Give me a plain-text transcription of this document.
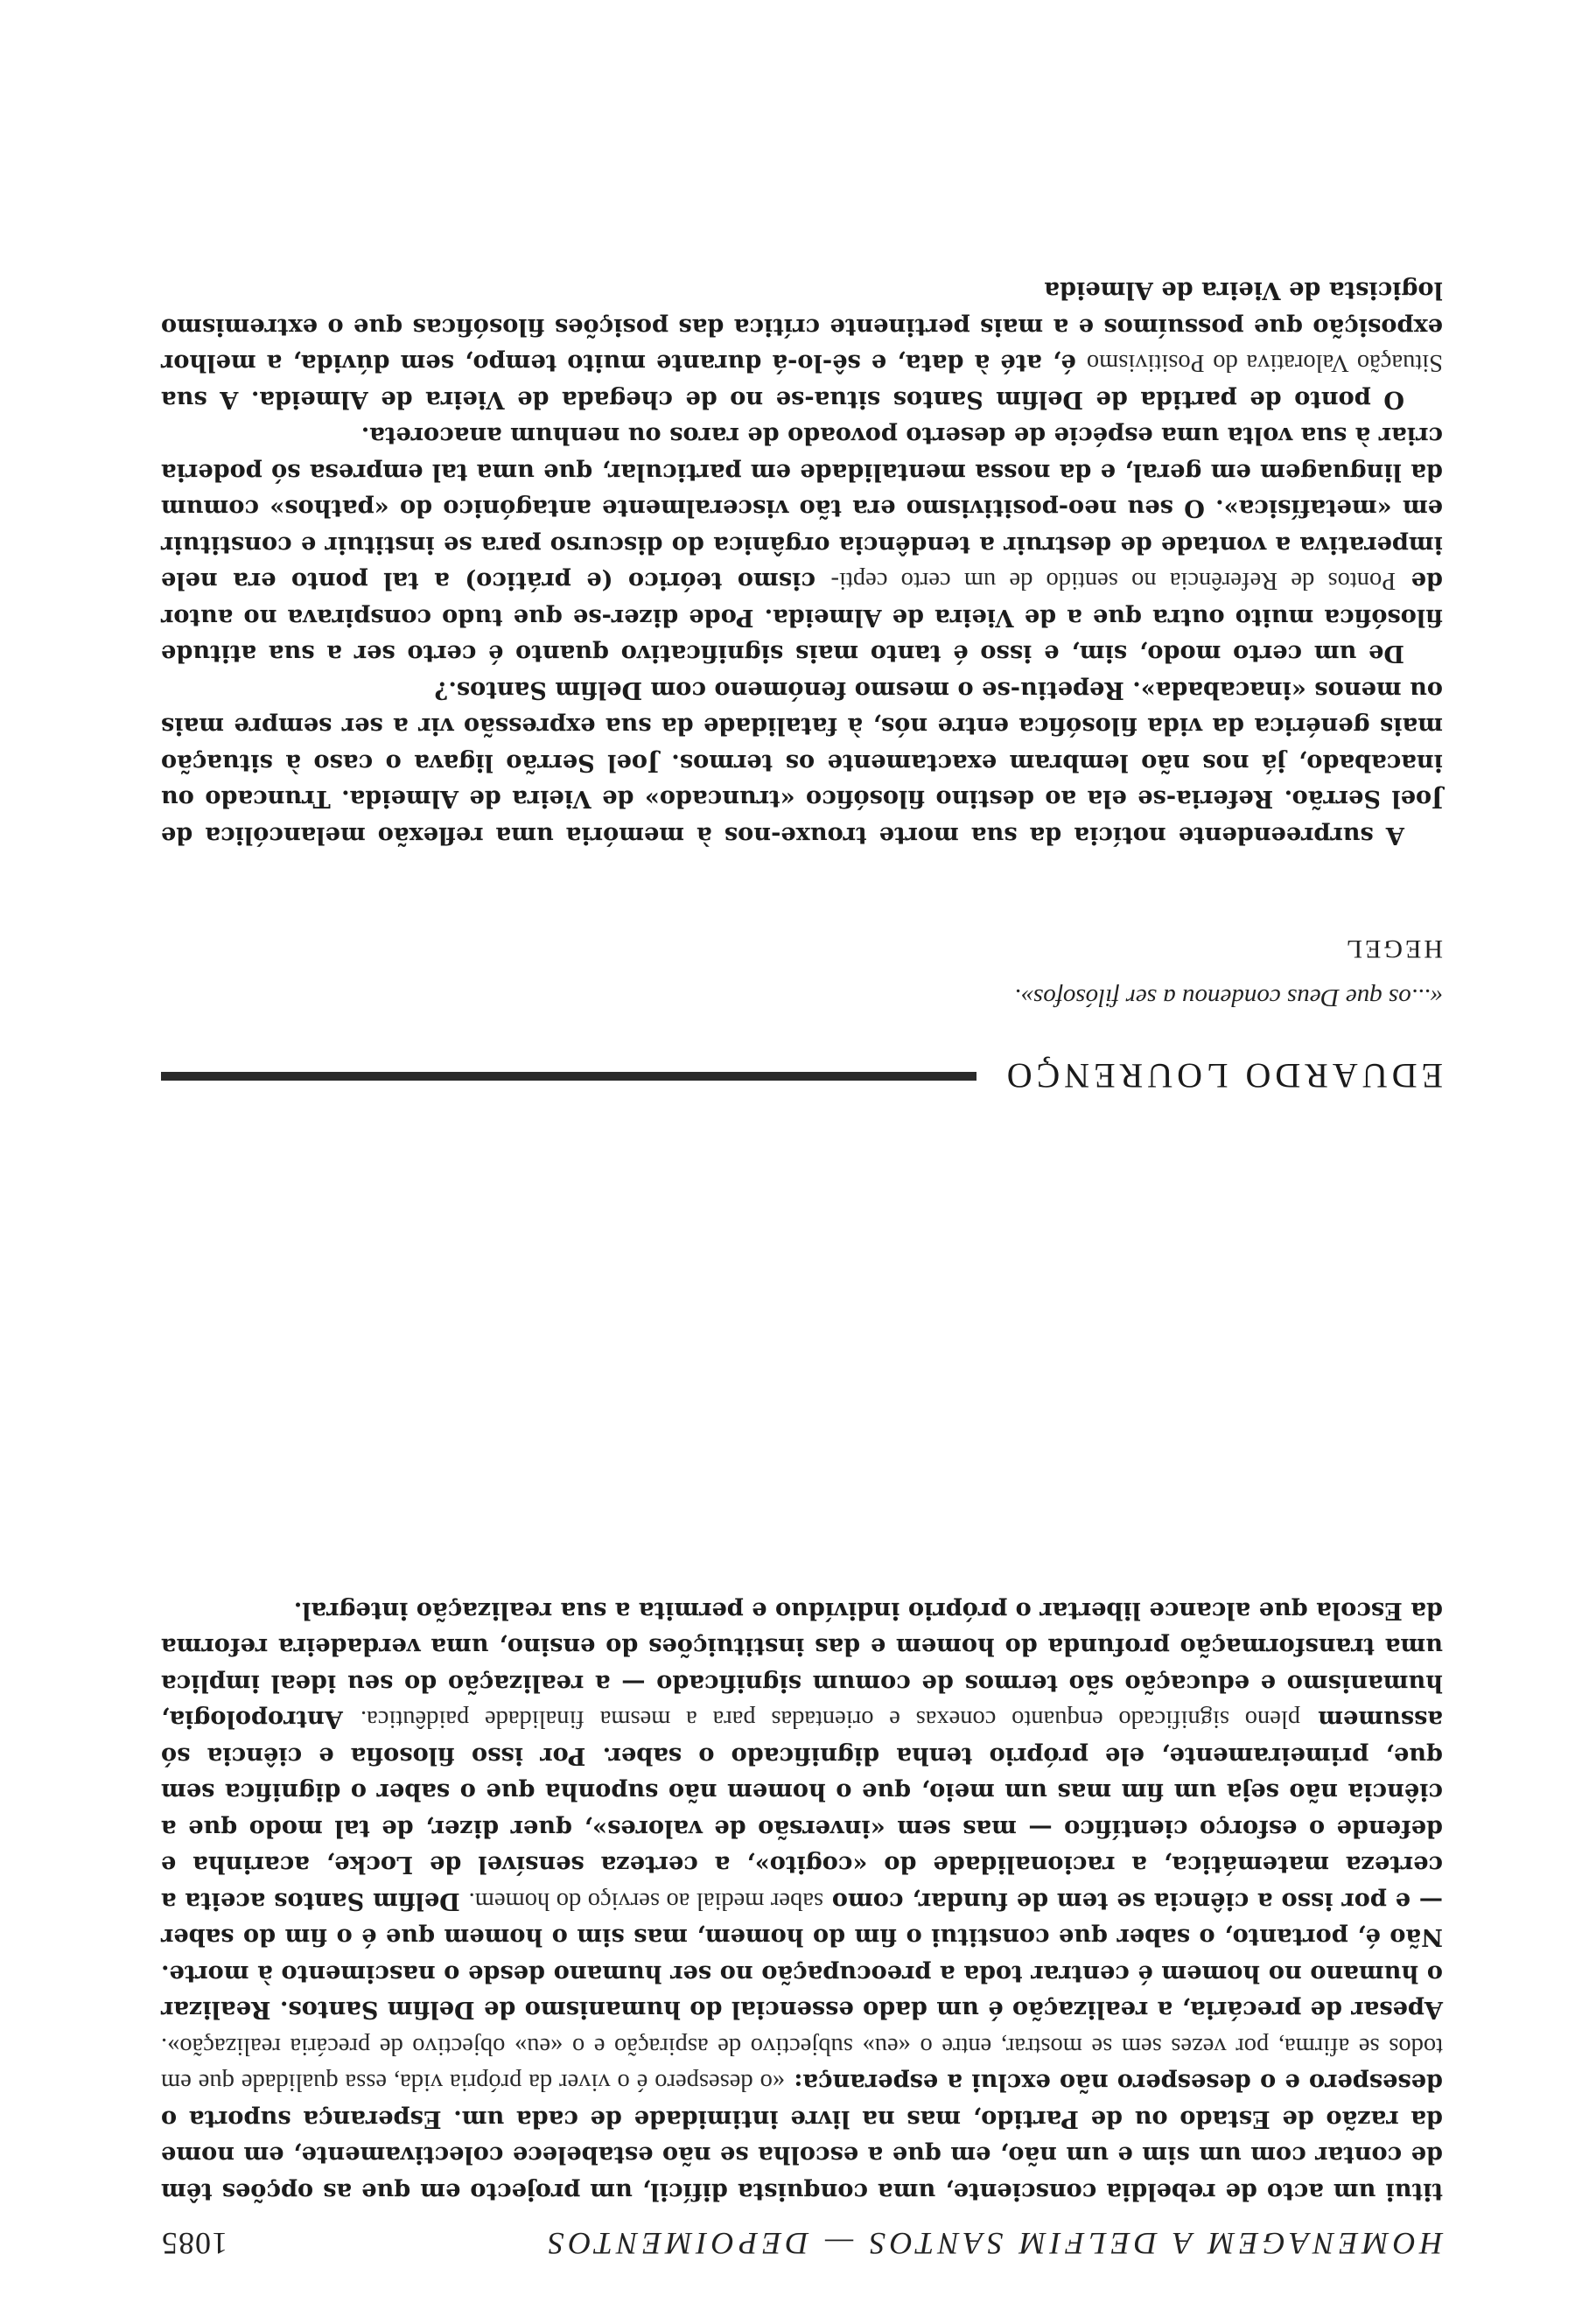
HOMENAGEM A DELFIM SANTOS — DEPOIMENTOS
1085

titui um acto de rebeldia consciente, uma conquista difícil, um projecto em que as opções têm de contar com um sim e um não, em que a escolha se não estabelece colectivamente, em nome da razão de Estado ou de Partido, mas na livre intimidade de cada um. Esperança suporta o desespero e o desespero não exclui a esperança: «o desespero é o viver da própria vida, essa qualidade que em todos se afirma, por vezes sem se mostrar, entre o «eu» subjectivo de aspiração e o «eu» objectivo de precária realização». Apesar de precária, a realização é um dado essencial do humanismo de Delfim Santos. Realizar o humano no homem é centrar toda a preocupação no ser humano desde o nascimento à morte. Não é, portanto, o saber que constitui o fim do homem, mas sim o homem que é o fim do saber — e por isso a ciência se tem de fundar, como saber medial ao serviço do homem. Delfim Santos aceita a certeza matemática, a racionalidade do «cogito», a certeza sensível de Locke, acarinha e defende o esforço científico — mas sem «inversão de valores», quer dizer, de tal modo que a ciência não seja um fim mas um meio, que o homem não suponha que o saber o dignifica sem que, primeiramente, ele próprio tenha dignificado o saber. Por isso filosofia e ciência só assumem pleno significado enquanto conexas e orientadas para a mesma finalidade paidêutica. Antropologia, humanismo e educação são termos de comum significado — a realização do seu ideal implica uma transformação profunda do homem e das instituições do ensino, uma verdadeira reforma da Escola que alcance libertar o próprio indivíduo e permita a sua realização integral.

EDUARDO LOURENÇO
«...os que Deus condenou a ser filósofos».
HEGEL

A surpreendente notícia da sua morte trouxe-nos à memória uma reflexão melancólica de Joel Serrão. Referia-se ela ao destino filosófico «truncado» de Vieira de Almeida. Truncado ou inacabado, já nos não lembram exactamente os termos. Joel Serrão ligava o caso à situação mais genérica da vida filosófica entre nós, à fatalidade da sua expressão vir a ser sempre mais ou menos «inacabada». Repetiu-se o mesmo fenómeno com Delfim Santos.?

De um certo modo, sim, e isso é tanto mais significativo quanto é certo ser a sua atitude filosófica muito outra que a de Vieira de Almeida. Pode dizer-se que tudo conspirava no autor de Pontos de Referência no sentido de um certo cepti- cismo teórico (e prático) a tal ponto era nele imperativa a vontade de destruir a tendência orgânica do discurso para se instituir e constituir em «metafísica». O seu neo-positivismo era tão visceralmente antagónico do «pathos» comum da linguagem em geral, e da nossa mentalidade em particular, que uma tal empresa só poderia criar à sua volta uma espécie de deserto povoado de raros ou nenhum anacoreta.

O ponto de partida de Delfim Santos situa-se no de chegada de Vieira de Almeida. A sua Situação Valorativa do Positivismo é, até à data, e sê-lo-á durante muito tempo, sem dúvida, a melhor exposição que possuímos e a mais pertinente crítica das posições filosóficas que o extremismo logicista de Vieira de Almeida
